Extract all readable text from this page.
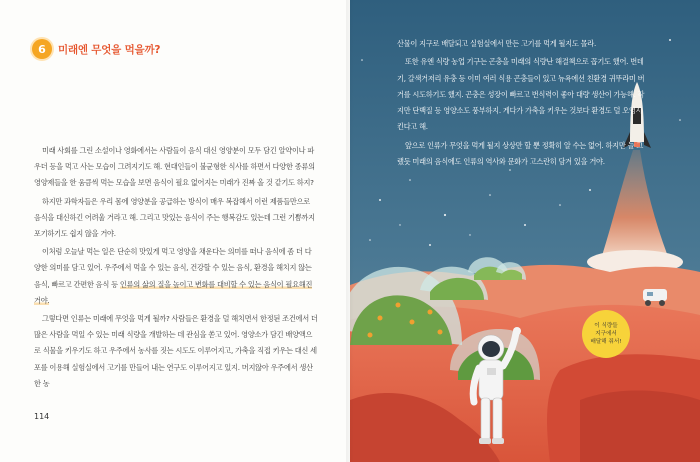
6	미래엔 무엇을 먹을까?

미래 사회를 그린 소설이나 영화에서는 사람들이 음식 대신 영양분이 모두 담긴 알약이나 파우더 등을 먹고 사는 모습이 그려지기도 해. 현대인들이 불균형한 식사를 하면서 다양한 종류의 영양제들을 한 움큼씩 먹는 모습을 보면 음식이 필요 없어지는 미래가 진짜 올 것 같기도 하지?

하지만 과학자들은 우리 몸에 영양분을 공급하는 방식이 매우 복잡해서 이런 제품들만으로 음식을 대신하긴 어려울 거라고 해. 그리고 맛있는 음식이 주는 행복감도 있는데 그런 기쁨까지 포기하기도 쉽지 않을 거야.

이처럼 오늘날 먹는 일은 단순히 맛있게 먹고 영양을 채운다는 의미를 떠나 음식에 좀 더 다양한 의미를 담고 있어. 우주에서 먹을 수 있는 음식, 건강할 수 있는 음식, 환경을 해치지 않는 음식, 빠르고 간편한 음식 등 인류의 삶의 질을 높이고 변화를 대비할 수 있는 음식이 필요해진 거야.

그렇다면 인류는 미래에 무엇을 먹게 될까? 사람들은 환경을 덜 해치면서 한정된 조건에서 더 많은 사람을 먹일 수 있는 미래 식량을 개발하는 데 관심을 쏟고 있어. 영양소가 담긴 배양액으로 식물을 키우기도 하고 우주에서 농사를 짓는 시도도 이루어지고, 가축을 직접 키우는 대신 세포를 이용해 실험실에서 고기를 만들어 내는 연구도 이루어지고 있지. 머지않아 우주에서 생산한 농

114

산물이 지구로 배달되고 실험실에서 만든 고기를 먹게 될지도 몰라.

또한 유엔 식량 농업 기구는 곤충을 미래의 식량난 해결책으로 꼽기도 했어. 번데기, 갈색거저리 유충 등 이미 여러 식용 곤충들이 있고 뉴욕에선 친환경 귀뚜라미 버거를 시도하기도 했지. 곤충은 성장이 빠르고 번식력이 좋아 대량 생산이 가능해. 작지만 단백질 등 영양소도 풍부하지. 게다가 가축을 키우는 것보다 환경도 덜 오염시킨다고 해.

앞으로 인류가 무엇을 먹게 될지 상상만 할 뿐 정확히 알 수는 없어. 하지만 늘 그랬듯 미래의 음식에도 인류의 역사와 문화가 고스란히 담겨 있을 거야.

이 식량들
지구에서
배달해 줘서!
